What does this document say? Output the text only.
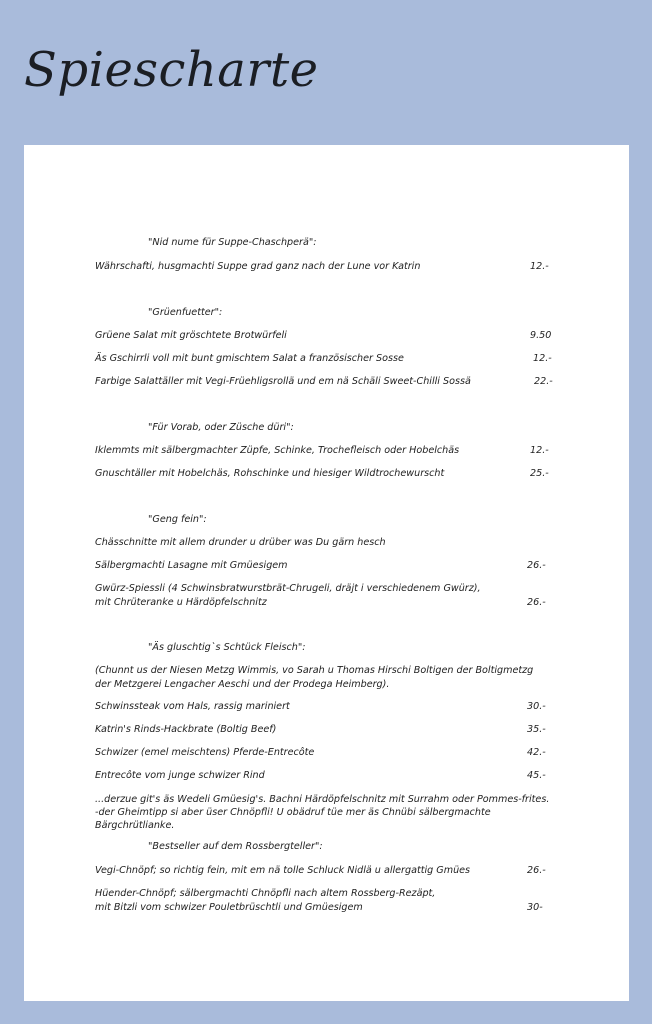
Spiescharte
"Nid nume für Suppe-Chaschperä":
Währschafti, husgmachti Suppe grad ganz nach der Lune vor Katrin	12.-
"Grüenfuetter":
Grüene Salat mit gröschtete Brotwürfeli	9.50
Äs Gschirrli voll mit bunt gmischtem Salat a französischer Sosse	12.-
Farbige Salattäller mit Vegi-Früehligsrollä und em nä Schäli Sweet-Chilli Sossä	22.-
"Für Vorab, oder Züsche düri":
Iklemmts mit sälbergmachter Züpfe, Schinke, Trochefleisch oder Hobelchäs	12.-
Gnuschtäller mit Hobelchäs, Rohschinke und hiesiger Wildtrochewurscht	25.-
"Geng fein":
Chässchnitte mit allem drunder u drüber was Du gärn hesch
Sälbergmachti Lasagne mit Gmüesigem	26.-
Gwürz-Spiessli (4 Schwinsbratwurstbrät-Chrugeli, dräjt i verschiedenem Gwürz),
mit Chrüteranke u Härdöpfelschnitz	26.-
"Äs gluschtig`s Schtück Fleisch":
(Chunnt us der Niesen Metzg Wimmis, vo Sarah u Thomas Hirschi Boltigen der Boltigmetzg
der Metzgerei Lengacher Aeschi und der Prodega Heimberg).
Schwinssteak vom Hals, rassig mariniert	30.-
Katrin's Rinds-Hackbrate (Boltig Beef)	35.-
Schwizer (emel meischtens) Pferde-Entrecôte	42.-
Entrecôte vom junge schwizer Rind	45.-
...derzue git's äs Wedeli Gmüesig's. Bachni Härdöpfelschnitz mit Surrahm oder Pommes-frites.
-der Gheimtipp si aber üser Chnöpfli! U obädruf tüe mer äs Chnübi sälbergmachte
Bärgchrütlianke.
"Bestseller auf dem Rossbergteller":
Vegi-Chnöpf; so richtig fein, mit em nä tolle Schluck Nidlä u allergattig Gmües	26.-
Hüender-Chnöpf; sälbergmachti Chnöpfli nach altem Rossberg-Rezäpt,
mit Bitzli vom schwizer Pouletbrüschtli und Gmüesigem	30-
